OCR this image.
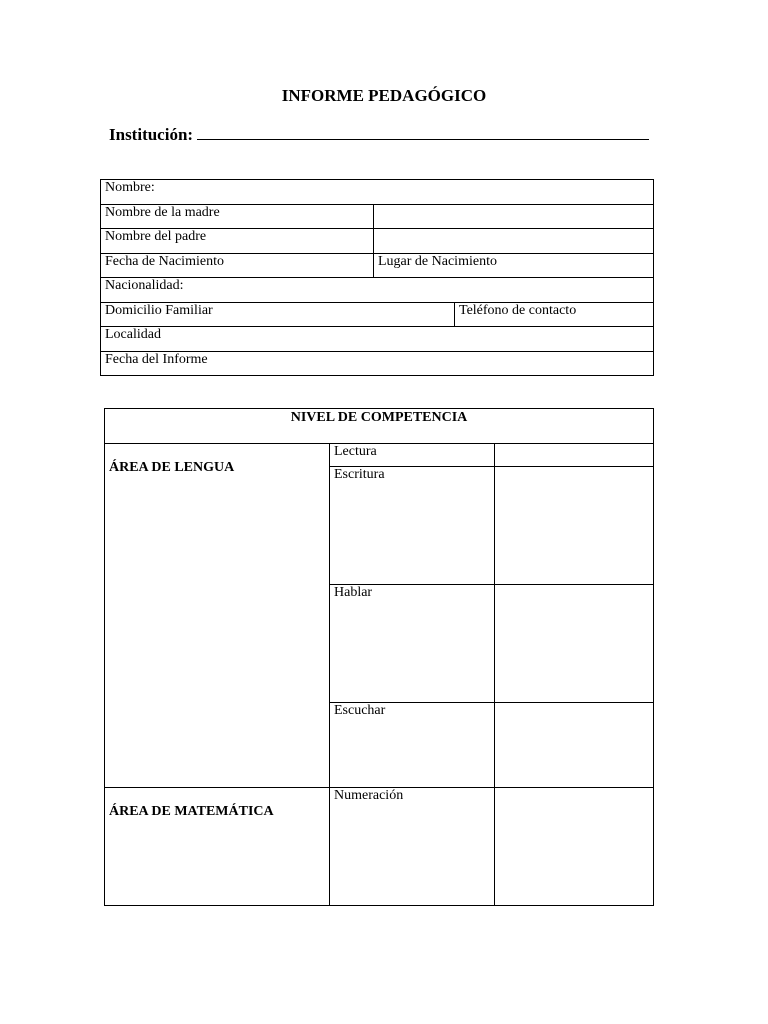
INFORME PEDAGÓGICO
Institución:
Nombre:		
Nombre de la madre		
Nombre del padre		
Fecha de Nacimiento	Lugar de Nacimiento	
Nacionalidad:		
Domicilio Familiar		Teléfono de contacto
Localidad		
Fecha del Informe		
NIVEL DE COMPETENCIA		
ÁREA DE LENGUA	Lectura	
	Escritura	
	Hablar	
	Escuchar	
ÁREA DE MATEMÁTICA	Numeración	
